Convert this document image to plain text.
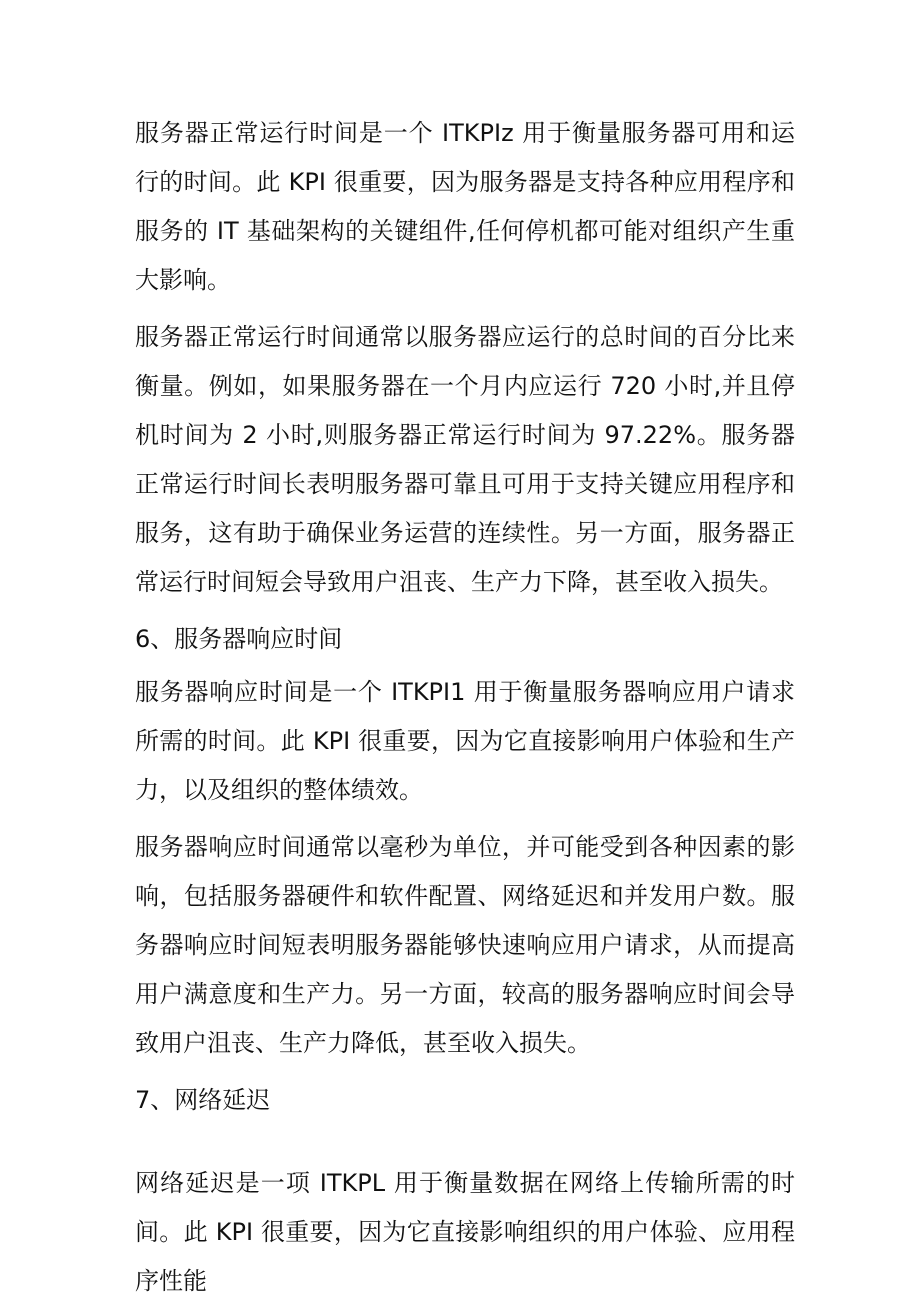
服务器正常运行时间是一个 ITKPIz 用于衡量服务器可用和运行的时间。此 KPI 很重要，因为服务器是支持各种应用程序和服务的 IT 基础架构的关键组件,任何停机都可能对组织产生重大影响。

服务器正常运行时间通常以服务器应运行的总时间的百分比来衡量。例如，如果服务器在一个月内应运行 720 小时,并且停机时间为 2 小时,则服务器正常运行时间为 97.22%。服务器正常运行时间长表明服务器可靠且可用于支持关键应用程序和服务，这有助于确保业务运营的连续性。另一方面，服务器正常运行时间短会导致用户沮丧、生产力下降，甚至收入损失。

6、服务器响应时间

服务器响应时间是一个 ITKPI1 用于衡量服务器响应用户请求所需的时间。此 KPI 很重要，因为它直接影响用户体验和生产力，以及组织的整体绩效。

服务器响应时间通常以毫秒为单位，并可能受到各种因素的影响，包括服务器硬件和软件配置、网络延迟和并发用户数。服务器响应时间短表明服务器能够快速响应用户请求，从而提高用户满意度和生产力。另一方面，较高的服务器响应时间会导致用户沮丧、生产力降低，甚至收入损失。

7、网络延迟

网络延迟是一项 ITKPL 用于衡量数据在网络上传输所需的时间。此 KPI 很重要，因为它直接影响组织的用户体验、应用程序性能
